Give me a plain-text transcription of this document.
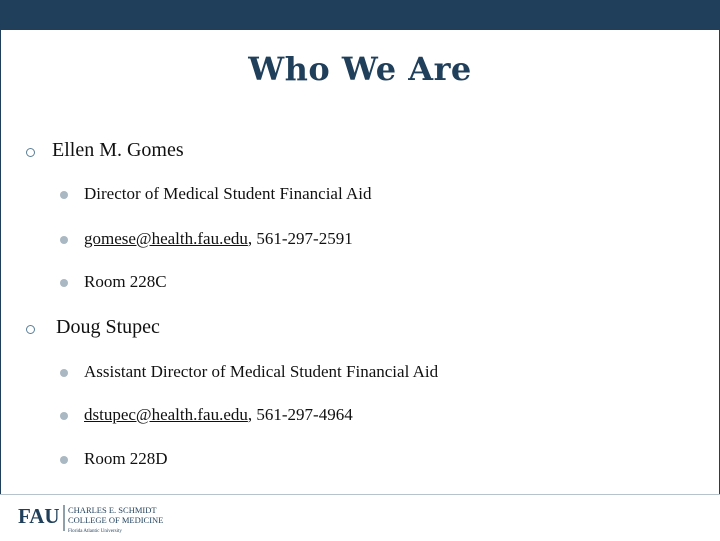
Who We Are
Ellen M. Gomes
Director of Medical Student Financial Aid
gomese@health.fau.edu, 561-297-2591
Room 228C
Doug Stupec
Assistant Director of Medical Student Financial Aid
dstupec@health.fau.edu, 561-297-4964
Room 228D
FAU CHARLES E. SCHMIDT
COLLEGE OF MEDICINE
Florida Atlantic University
